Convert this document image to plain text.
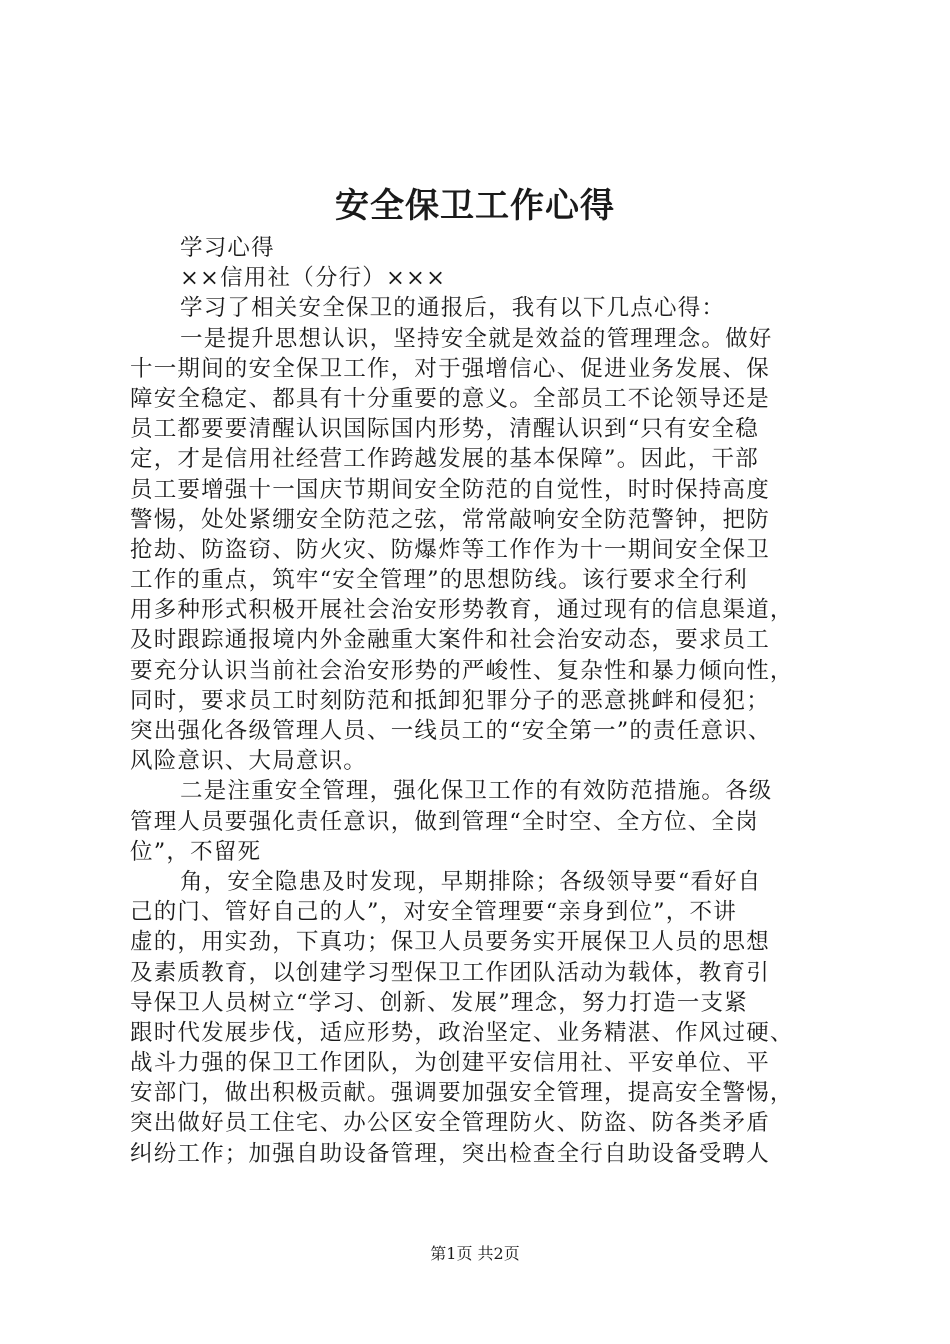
安全保卫工作心得
学习心得
××信用社（分行）×××
学习了相关安全保卫的通报后，我有以下几点心得：
一是提升思想认识，坚持安全就是效益的管理理念。做好
十一期间的安全保卫工作，对于强增信心、促进业务发展、保
障安全稳定、都具有十分重要的意义。全部员工不论领导还是
员工都要要清醒认识国际国内形势，清醒认识到“只有安全稳
定，才是信用社经营工作跨越发展的基本保障”。因此，干部
员工要增强十一国庆节期间安全防范的自觉性，时时保持高度
警惕，处处紧绷安全防范之弦，常常敲响安全防范警钟，把防
抢劫、防盗窃、防火灾、防爆炸等工作作为十一期间安全保卫
工作的重点，筑牢“安全管理”的思想防线。该行要求全行利
用多种形式积极开展社会治安形势教育，通过现有的信息渠道，
及时跟踪通报境内外金融重大案件和社会治安动态，要求员工
要充分认识当前社会治安形势的严峻性、复杂性和暴力倾向性，
同时，要求员工时刻防范和抵卸犯罪分子的恶意挑衅和侵犯；
突出强化各级管理人员、一线员工的“安全第一”的责任意识、
风险意识、大局意识。
二是注重安全管理，强化保卫工作的有效防范措施。各级
管理人员要强化责任意识，做到管理“全时空、全方位、全岗
位”，不留死
角，安全隐患及时发现，早期排除；各级领导要“看好自
己的门、管好自己的人”，对安全管理要“亲身到位”，不讲
虚的，用实劲，下真功；保卫人员要务实开展保卫人员的思想
及素质教育，以创建学习型保卫工作团队活动为载体，教育引
导保卫人员树立“学习、创新、发展”理念，努力打造一支紧
跟时代发展步伐，适应形势，政治坚定、业务精湛、作风过硬、
战斗力强的保卫工作团队，为创建平安信用社、平安单位、平
安部门，做出积极贡献。强调要加强安全管理，提高安全警惕，
突出做好员工住宅、办公区安全管理防火、防盗、防各类矛盾
纠纷工作；加强自助设备管理，突出检查全行自助设备受聘人
第1页 共2页
